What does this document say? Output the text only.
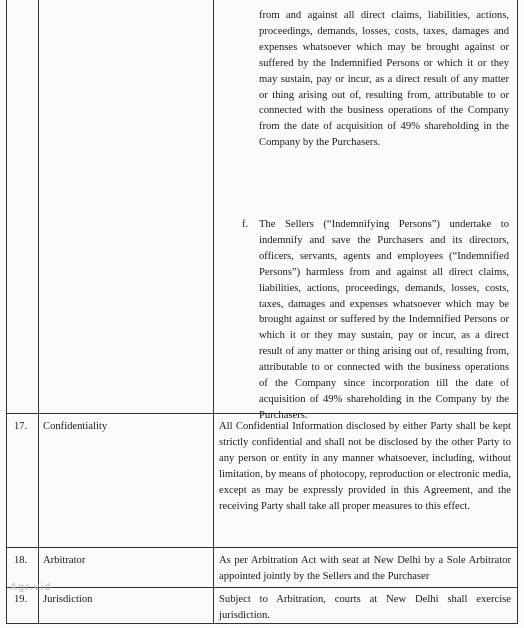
from and against all direct claims, liabilities, actions, proceedings, demands, losses, costs, taxes, damages and expenses whatsoever which may be brought against or suffered by the Indemnified Persons or which it or they may sustain, pay or incur, as a direct result of any matter or thing arising out of, resulting from, attributable to or connected with the business operations of the Company from the date of acquisition of 49% shareholding in the Company by the Purchasers.
f. The Sellers (“Indemnifying Persons”) undertake to indemnify and save the Purchasers and its directors, officers, servants, agents and employees (“Indemnified Persons”) harmless from and against all direct claims, liabilities, actions, proceedings, demands, losses, costs, taxes, damages and expenses whatsoever which may be brought against or suffered by the Indemnified Persons or which it or they may sustain, pay or incur, as a direct result of any matter or thing arising out of, resulting from, attributable to or connected with the business operations of the Company since incorporation till the date of acquisition of 49% shareholding in the Company by the Purchasers.
17. Confidentiality	All Confidential Information disclosed by either Party shall be kept strictly confidential and shall not be disclosed by the other Party to any person or entity in any manner whatsoever, including, without limitation, by means of photocopy, reproduction or electronic media, except as may be expressly provided in this Agreement, and the receiving Party shall take all proper measures to this effect.
18. Arbitrator	As per Arbitration Act with seat at New Delhi by a Sole Arbitrator appointed jointly by the Sellers and the Purchaser
19. Jurisdiction	Subject to Arbitration, courts at New Delhi shall exercise jurisdiction.
Agr.vid
